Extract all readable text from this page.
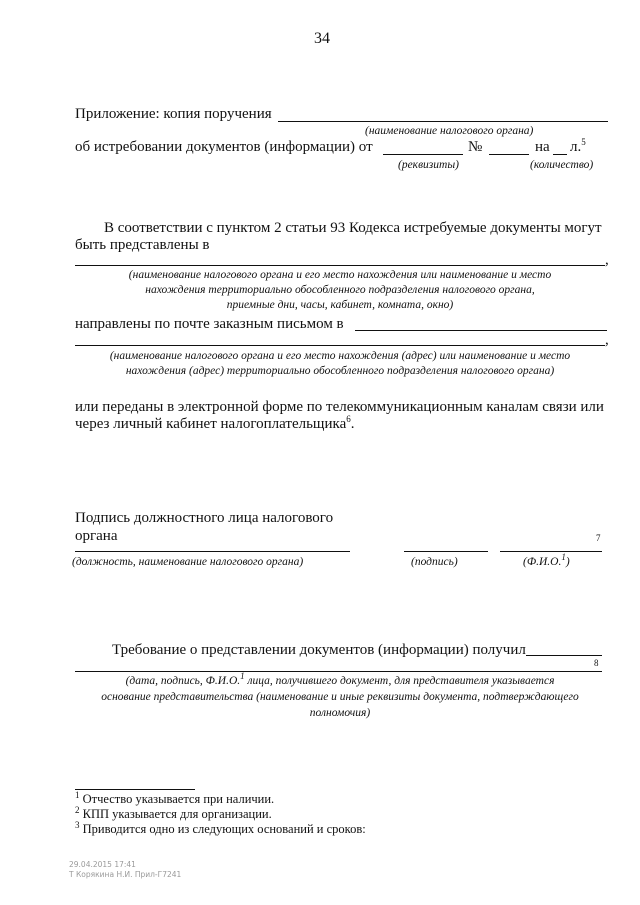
34
Приложение: копия поручения
(наименование налогового органа)
об истребовании документов (информации) от	№	на л.$^5$
(реквизиты)	(количество)
В соответствии с пунктом 2 статьи 93 Кодекса истребуемые документы могут
быть представлены в
,
(наименование налогового органа и его место нахождения или наименование и место
нахождения территориально обособленного подразделения налогового органа,
приемные дни, часы, кабинет, комната, окно)
направлены по почте заказным письмом в
,
(наименование налогового органа и его место нахождения (адрес) или наименование и место
нахождения (адрес) территориально обособленного подразделения налогового органа)
или переданы в электронной форме по телекоммуникационным каналам связи или
через личный кабинет налогоплательщика$^6$.
Подпись должностного лица налогового
органа	7
(должность, наименование налогового органа)	(подпись)	(Ф.И.О.$^1$)
Требование о представлении документов (информации) получил
8
(дата, подпись, Ф.И.О.$^1$ лица, получившего документ, для представителя указывается
основание представительства (наименование и иные реквизиты документа, подтверждающего
полномочия)
$^1$ Отчество указывается при наличии.
$^2$ КПП указывается для организации.
$^3$ Приводится одно из следующих оснований и сроков:
29.04.2015 17:41
Т Корякина Н.И. Прил-Г7241
